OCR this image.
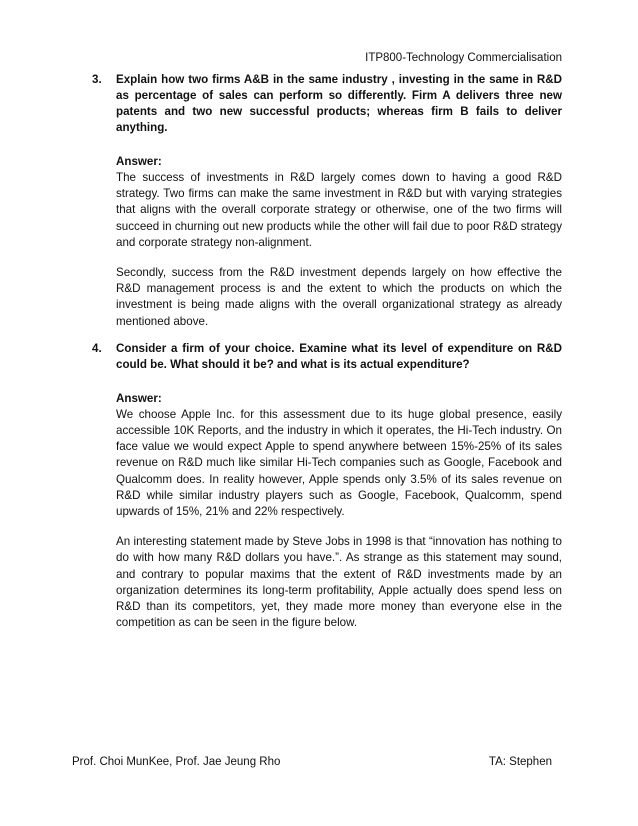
ITP800-Technology Commercialisation
3. Explain how two firms A&B in the same industry , investing in the same in R&D as percentage of sales can perform so differently. Firm A delivers three new patents and two new successful products; whereas firm B fails to deliver anything.

Answer:

The success of investments in R&D largely comes down to having a good R&D strategy. Two firms can make the same investment in R&D but with varying strategies that aligns with the overall corporate strategy or otherwise, one of the two firms will succeed in churning out new products while the other will fail due to poor R&D strategy and corporate strategy non-alignment.

Secondly, success from the R&D investment depends largely on how effective the R&D management process is and the extent to which the products on which the investment is being made aligns with the overall organizational strategy as already mentioned above.

4. Consider a firm of your choice. Examine what its level of expenditure on R&D could be. What should it be? and what is its actual expenditure?

Answer:

We choose Apple Inc. for this assessment due to its huge global presence, easily accessible 10K Reports, and the industry in which it operates, the Hi-Tech industry. On face value we would expect Apple to spend anywhere between 15%-25% of its sales revenue on R&D much like similar Hi-Tech companies such as Google, Facebook and Qualcomm does. In reality however, Apple spends only 3.5% of its sales revenue on R&D while similar industry players such as Google, Facebook, Qualcomm, spend upwards of 15%, 21% and 22% respectively.

An interesting statement made by Steve Jobs in 1998 is that “innovation has nothing to do with how many R&D dollars you have.”. As strange as this statement may sound, and contrary to popular maxims that the extent of R&D investments made by an organization determines its long-term profitability, Apple actually does spend less on R&D than its competitors, yet, they made more money than everyone else in the competition as can be seen in the figure below.

Prof. Choi MunKee, Prof. Jae Jeung Rho	TA: Stephen
